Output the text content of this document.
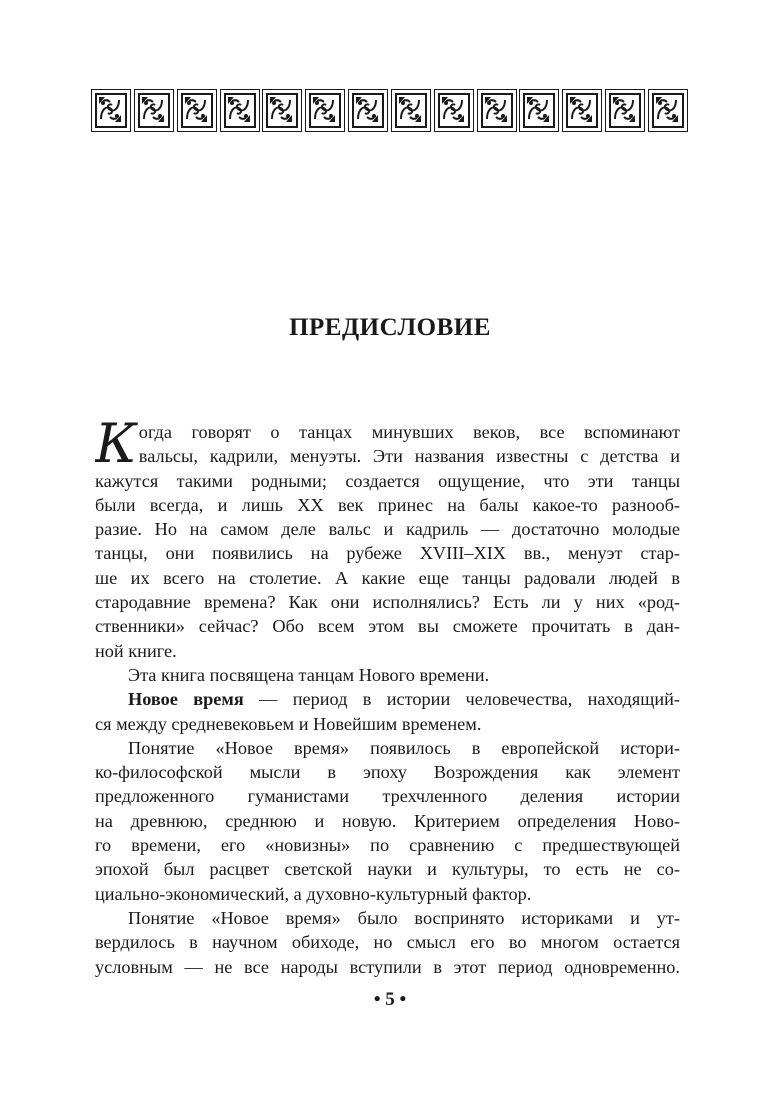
ПРЕДИСЛОВИЕ
К огда говорят о танцах минувших веков, все вспоминают
вальсы, кадрили, менуэты. Эти названия известны с детства и
кажутся такими родными; создается ощущение, что эти танцы
были всегда, и лишь XX век принес на балы какое-то разнооб-
разие. Но на самом деле вальс и кадриль — достаточно молодые
танцы, они появились на рубеже XVIII–XIX вв., менуэт стар-
ше их всего на столетие. А какие еще танцы радовали людей в
стародавние времена? Как они исполнялись? Есть ли у них «род-
ственники» сейчас? Обо всем этом вы сможете прочитать в дан-
ной книге.
Эта книга посвящена танцам Нового времени.
Новое время — период в истории человечества, находящий-
ся между средневековьем и Новейшим временем.
Понятие «Новое время» появилось в европейской истори-
ко-философской мысли в эпоху Возрождения как элемент
предложенного гуманистами трехчленного деления истории
на древнюю, среднюю и новую. Критерием определения Ново-
го времени, его «новизны» по сравнению с предшествующей
эпохой был расцвет светской науки и культуры, то есть не со-
циально-экономический, а духовно-культурный фактор.
Понятие «Новое время» было воспринято историками и ут-
вердилось в научном обиходе, но смысл его во многом остается
условным — не все народы вступили в этот период одновременно.
• 5 •
